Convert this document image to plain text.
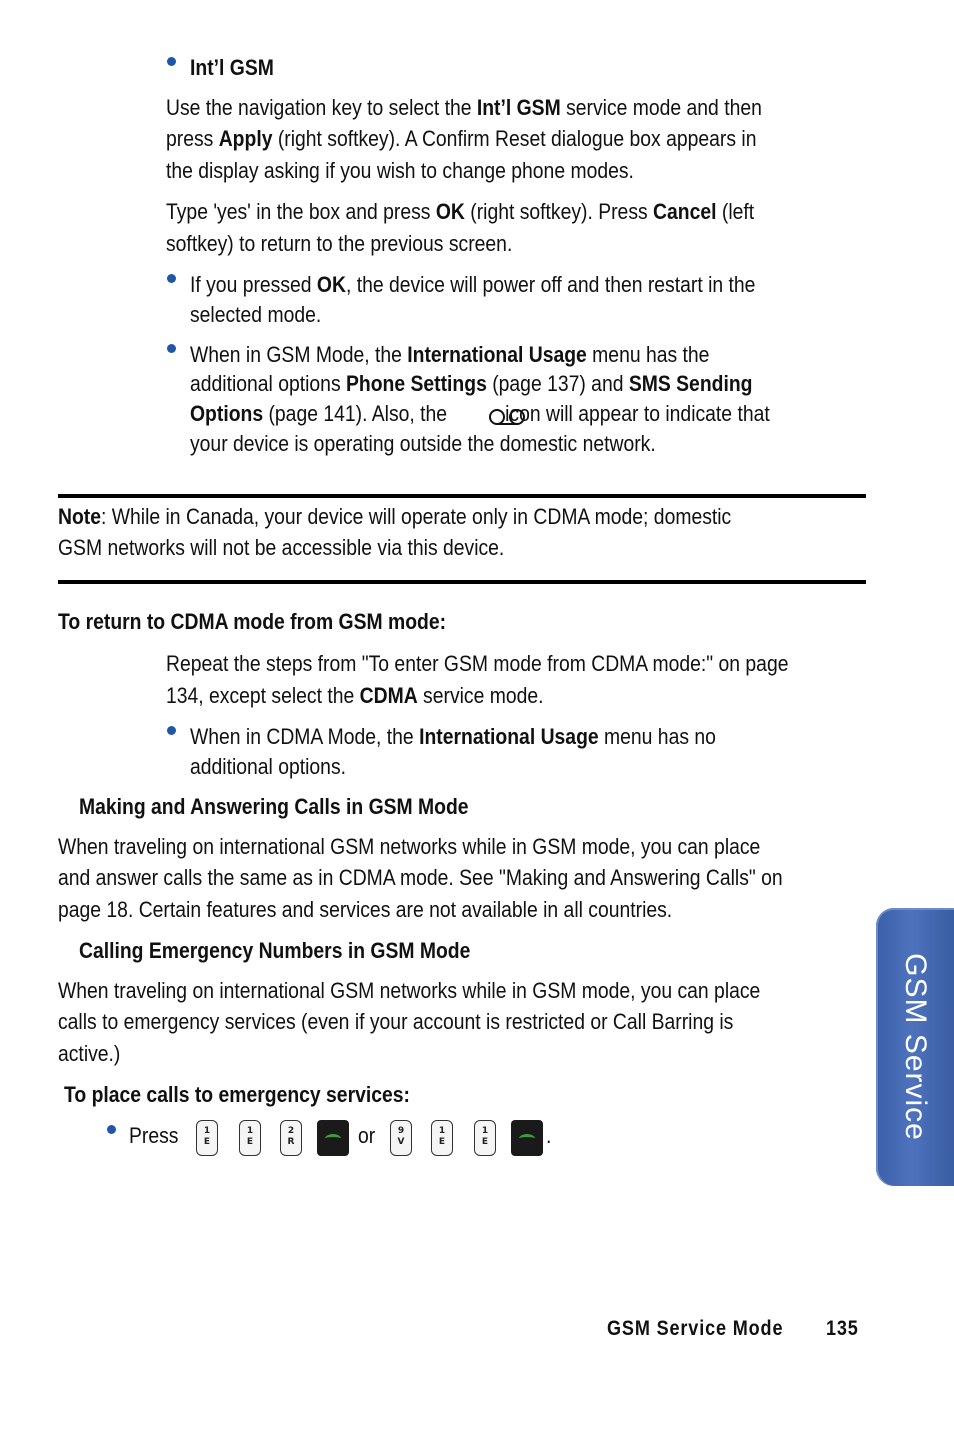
Int’l GSM
Use the navigation key to select the Int’l GSM service mode and then
press Apply (right softkey). A Confirm Reset dialogue box appears in
the display asking if you wish to change phone modes.
Type 'yes' in the box and press OK (right softkey). Press Cancel (left
softkey) to return to the previous screen.
If you pressed OK, the device will power off and then restart in the
selected mode.
When in GSM Mode, the International Usage menu has the
additional options Phone Settings (page 137) and SMS Sending
Options (page 141). Also, the  icon will appear to indicate that
your device is operating outside the domestic network.
Note: While in Canada, your device will operate only in CDMA mode; domestic
GSM networks will not be accessible via this device.
To return to CDMA mode from GSM mode:
Repeat the steps from "To enter GSM mode from CDMA mode:" on page
134, except select the CDMA service mode.
When in CDMA Mode, the International Usage menu has no
additional options.
Making and Answering Calls in GSM Mode
When traveling on international GSM networks while in GSM mode, you can place
and answer calls the same as in CDMA mode. See "Making and Answering Calls" on
page 18. Certain features and services are not available in all countries.
Calling Emergency Numbers in GSM Mode
When traveling on international GSM networks while in GSM mode, you can place
calls to emergency services (even if your account is restricted or Call Barring is
active.)
To place calls to emergency services:
Press	1
E
1
E
2
R	or	9
V
1
E
1
E	.	GSM Service
GSM Service Mode 135
